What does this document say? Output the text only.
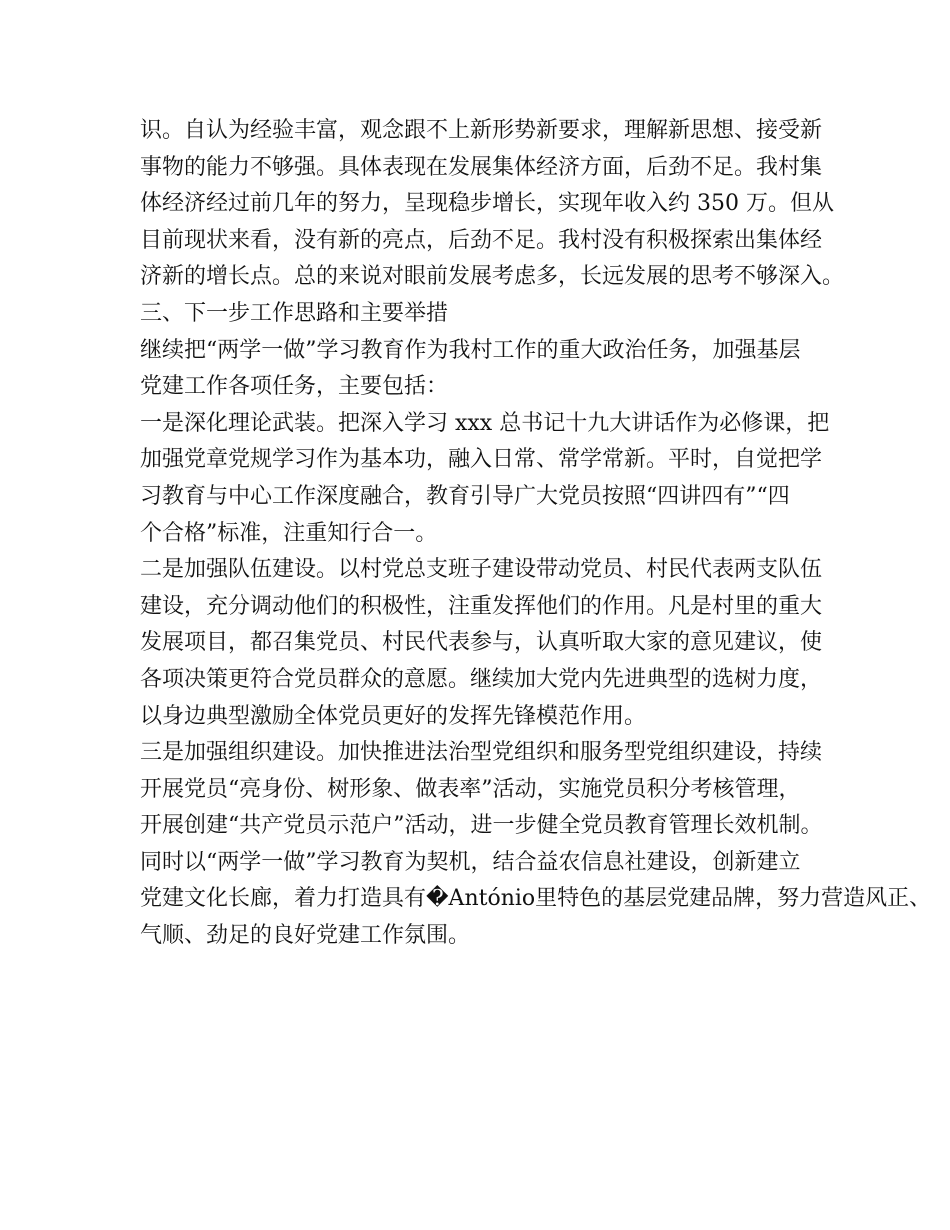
识。自认为经验丰富，观念跟不上新形势新要求，理解新思想、接受新
事物的能力不够强。具体表现在发展集体经济方面，后劲不足。我村集
体经济经过前几年的努力，呈现稳步增长，实现年收入约 350 万。但从
目前现状来看，没有新的亮点，后劲不足。我村没有积极探索出集体经
济新的增长点。总的来说对眼前发展考虑多，长远发展的思考不够深入。
三、下一步工作思路和主要举措
继续把“两学一做”学习教育作为我村工作的重大政治任务，加强基层
党建工作各项任务，主要包括：
一是深化理论武装。把深入学习 xxx 总书记十九大讲话作为必修课，把
加强党章党规学习作为基本功，融入日常、常学常新。平时，自觉把学
习教育与中心工作深度融合，教育引导广大党员按照“四讲四有”“四
个合格”标准，注重知行合一。
二是加强队伍建设。以村党总支班子建设带动党员、村民代表两支队伍
建设，充分调动他们的积极性，注重发挥他们的作用。凡是村里的重大
发展项目，都召集党员、村民代表参与，认真听取大家的意见建议，使
各项决策更符合党员群众的意愿。继续加大党内先进典型的选树力度，
以身边典型激励全体党员更好的发挥先锋模范作用。
三是加强组织建设。加快推进法治型党组织和服务型党组织建设，持续
开展党员“亮身份、树形象、做表率”活动，实施党员积分考核管理，
开展创建“共产党员示范户”活动，进一步健全党员教育管理长效机制。
同时以“两学一做”学习教育为契机，结合益农信息社建设，创新建立
党建文化长廊，着力打造具有�António里特色的基层党建品牌，努力营造风正、
气顺、劲足的良好党建工作氛围。
